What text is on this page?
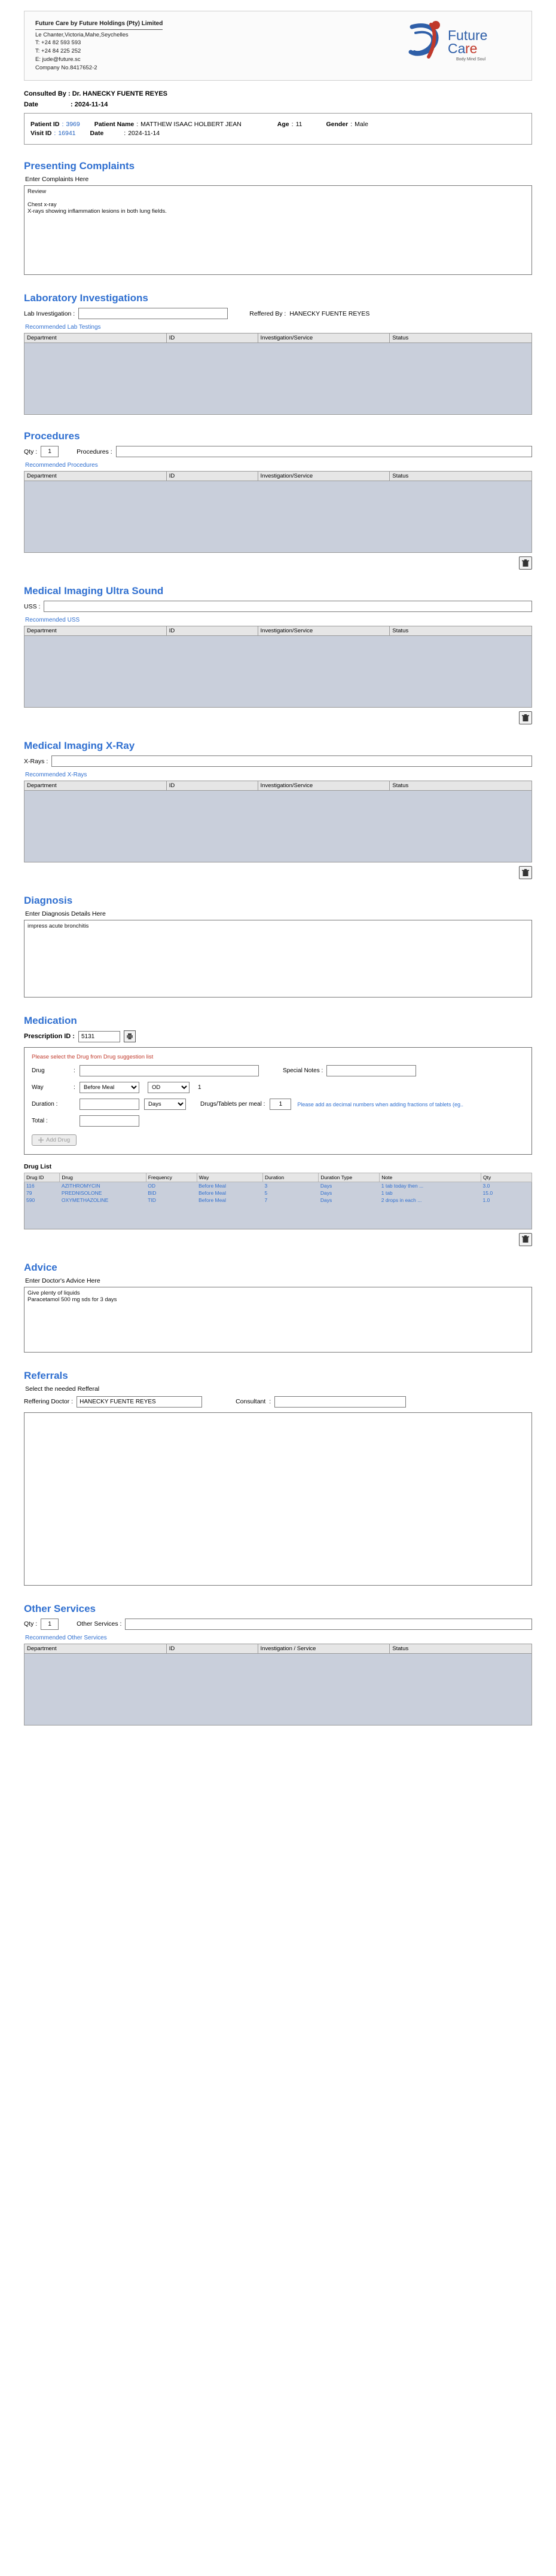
Future Care by Future Holdings (Pty) Limited
Le Chanter,Victoria,Mahe,Seychelles
T: +24 82 593 593
T: +24 84 225 252
E: jude@future.sc
Company No.8417652-2
Future
Ca re
Body Mind Soul
Consulted By : Dr. HANECKY FUENTE REYES
Date	: 2024-11-14
Patient ID : 3969 Patient Name : MATTHEW ISAAC HOLBERT JEAN	Age : 11	Gender : Male
Visit ID : 16941 Date	: 2024-11-14
Presenting Complaints
Enter Complaints Here
Review Chest x-ray X-rays showing inflammation lesions in both lung fields.
Laboratory Investigations
Lab Investigation :	Reffered By : HANECKY FUENTE REYES
Recommended Lab Testings
Department	ID	Investigation/Service	Status
Procedures
Qty :
1	Procedures :
Recommended Procedures
Department	ID	Investigation/Service	Status
Medical Imaging Ultra Sound
USS :
Recommended USS
Department	ID	Investigation/Service	Status
Medical Imaging X-Ray
X-Rays :
Recommended X-Rays
Department	ID	Investigation/Service	Status
Diagnosis
Enter Diagnosis Details Here
impress acute bronchitis
Medication
Prescription ID :
5131
Please select the Drug from Drug suggestion list
Drug	:	Special Notes :
Way	:
Before Meal
OD	1
Duration :
Days	Drugs/Tablets per meal :
1	Please add as decimal numbers when adding fractions of tablets (eg..
Total :
Add Drug
Drug List
Drug ID	Drug	Frequency	Way	Duration	Duration Type	Note	Qty
116	AZITHROMYCIN	OD	Before Meal	3	Days	1 tab today then ...	3.0
79	PREDNISOLONE	BID	Before Meal	5	Days	1 tab	15.0
590	OXYMETHAZOLINE	TID	Before Meal	7	Days	2 drops in each ...	1.0

Advice
Enter Doctor's Advice Here
Give plenty of liquids Paracetamol 500 mg sds for 3 days
Referrals
Select the needed Refferal
Reffering Doctor :
HANECKY FUENTE REYES	Consultant :
Other Services
Qty :
1	Other Services :
Recommended Other Services
Department	ID	Investigation / Service	Status
